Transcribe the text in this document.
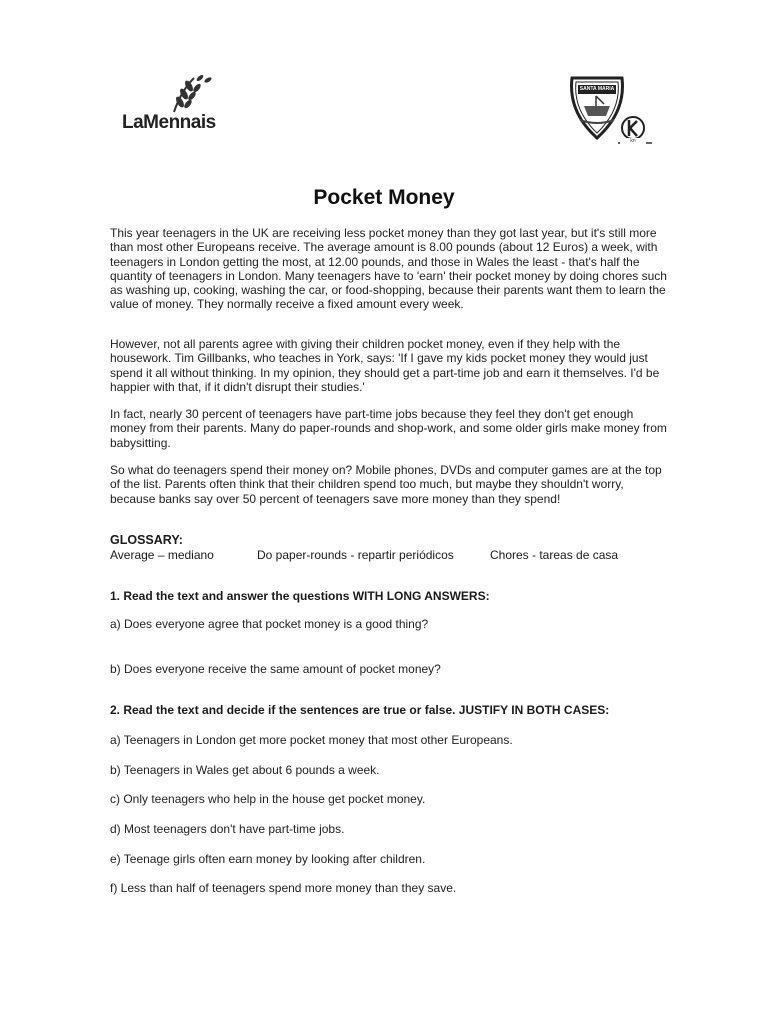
LaMennais
SANTA MARIA
kn
Pocket Money

This year teenagers in the UK are receiving less pocket money than they got last year, but it's still more than most other Europeans receive. The average amount is 8.00 pounds (about 12 Euros) a week, with teenagers in London getting the most, at 12.00 pounds, and those in Wales the least - that's half the quantity of teenagers in London. Many teenagers have to 'earn' their pocket money by doing chores such as washing up, cooking, washing the car, or food-shopping, because their parents want them to learn the value of money. They normally receive a fixed amount every week.

However, not all parents agree with giving their children pocket money, even if they help with the housework. Tim Gillbanks, who teaches in York, says: 'If I gave my kids pocket money they would just spend it all without thinking. In my opinion, they should get a part-time job and earn it themselves. I'd be happier with that, if it didn't disrupt their studies.'

In fact, nearly 30 percent of teenagers have part-time jobs because they feel they don't get enough money from their parents. Many do paper-rounds and shop-work, and some older girls make money from babysitting.

So what do teenagers spend their money on? Mobile phones, DVDs and computer games are at the top of the list. Parents often think that their children spend too much, but maybe they shouldn't worry, because banks say over 50 percent of teenagers save more money than they spend!

GLOSSARY:
Average – mediano	Do paper-rounds - repartir periódicos	Chores - tareas de casa
1. Read the text and answer the questions WITH LONG ANSWERS:
a) Does everyone agree that pocket money is a good thing?
b) Does everyone receive the same amount of pocket money?
2. Read the text and decide if the sentences are true or false. JUSTIFY IN BOTH CASES:
a) Teenagers in London get more pocket money that most other Europeans.
b) Teenagers in Wales get about 6 pounds a week.
c) Only teenagers who help in the house get pocket money.
d) Most teenagers don't have part-time jobs.
e) Teenage girls often earn money by looking after children.
f) Less than half of teenagers spend more money than they save.
